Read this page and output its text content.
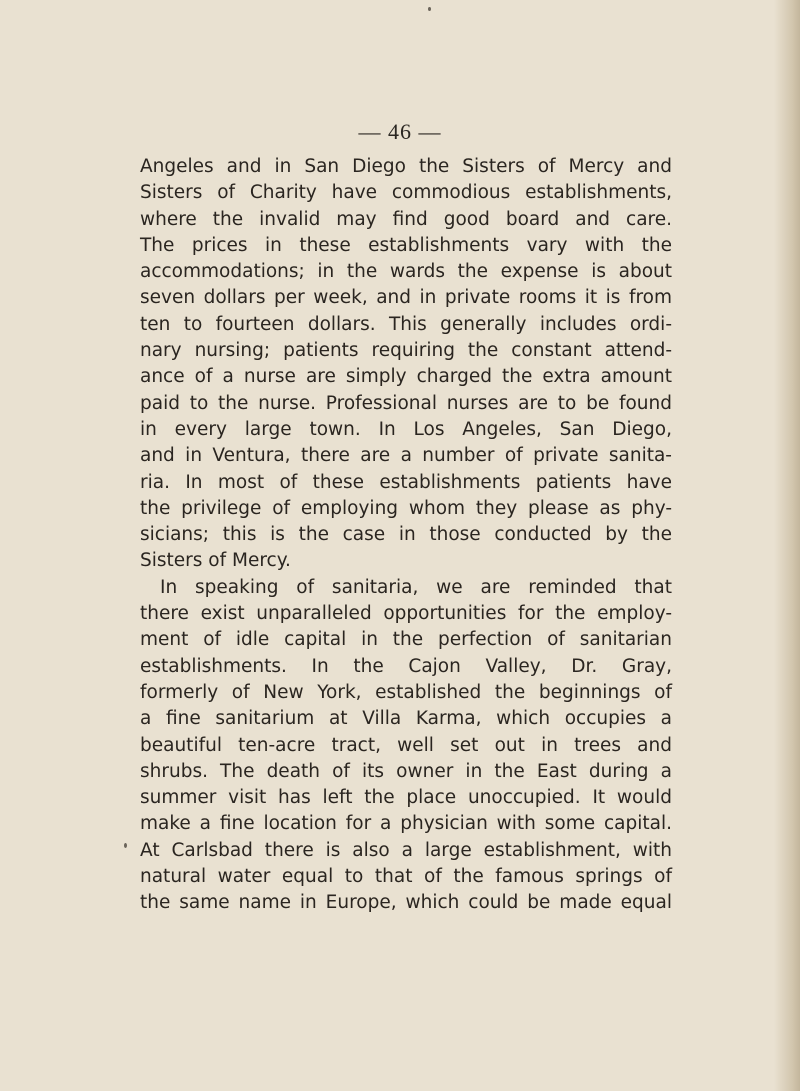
— 46 —
Angeles and in San Diego the Sisters of Mercy and
Sisters of Charity have commodious establishments,
where the invalid may find good board and care.
The prices in these establishments vary with the
accommodations; in the wards the expense is about
seven dollars per week, and in private rooms it is from
ten to fourteen dollars. This generally includes ordi-
nary nursing; patients requiring the constant attend-
ance of a nurse are simply charged the extra amount
paid to the nurse. Professional nurses are to be found
in every large town. In Los Angeles, San Diego,
and in Ventura, there are a number of private sanita-
ria. In most of these establishments patients have
the privilege of employing whom they please as phy-
sicians; this is the case in those conducted by the
Sisters of Mercy.
In speaking of sanitaria, we are reminded that
there exist unparalleled opportunities for the employ-
ment of idle capital in the perfection of sanitarian
establishments. In the Cajon Valley, Dr. Gray,
formerly of New York, established the beginnings of
a fine sanitarium at Villa Karma, which occupies a
beautiful ten-acre tract, well set out in trees and
shrubs. The death of its owner in the East during a
summer visit has left the place unoccupied. It would
make a fine location for a physician with some capital.
At Carlsbad there is also a large establishment, with
natural water equal to that of the famous springs of
the same name in Europe, which could be made equal
